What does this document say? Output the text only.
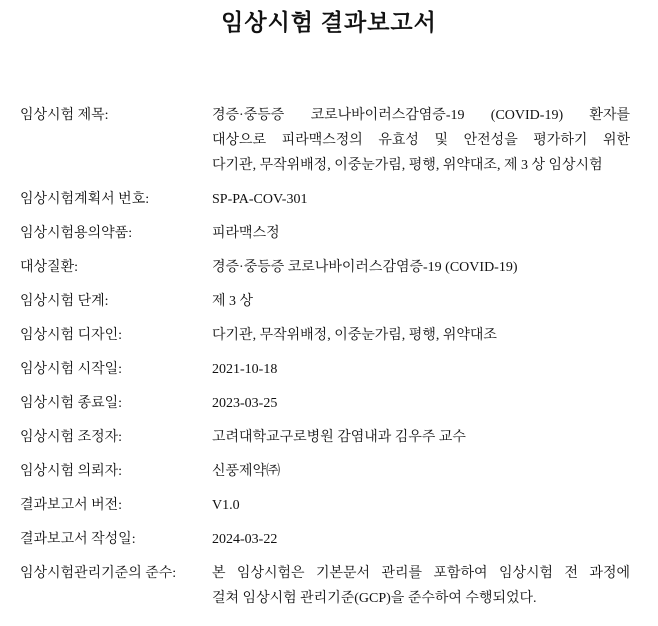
임상시험 결과보고서
임상시험 제목:	경증·중등증 코로나바이러스감염증-19 (COVID-19) 환자를
대상으로 피라맥스정의 유효성 및 안전성을 평가하기 위한
다기관, 무작위배정, 이중눈가림, 평행, 위약대조, 제 3 상 임상시험
임상시험계획서 번호:	SP-PA-COV-301
임상시험용의약품:	피라맥스정
대상질환:	경증·중등증 코로나바이러스감염증-19 (COVID-19)
임상시험 단계:	제 3 상
임상시험 디자인:	다기관, 무작위배정, 이중눈가림, 평행, 위약대조
임상시험 시작일:	2021-10-18
임상시험 종료일:	2023-03-25
임상시험 조정자:	고려대학교구로병원 감염내과 김우주 교수
임상시험 의뢰자:	신풍제약㈜
결과보고서 버전:	V1.0
결과보고서 작성일:	2024-03-22
임상시험관리기준의 준수:	본 임상시험은 기본문서 관리를 포함하여 임상시험 전 과정에
걸쳐 임상시험 관리기준(GCP)을 준수하여 수행되었다.
